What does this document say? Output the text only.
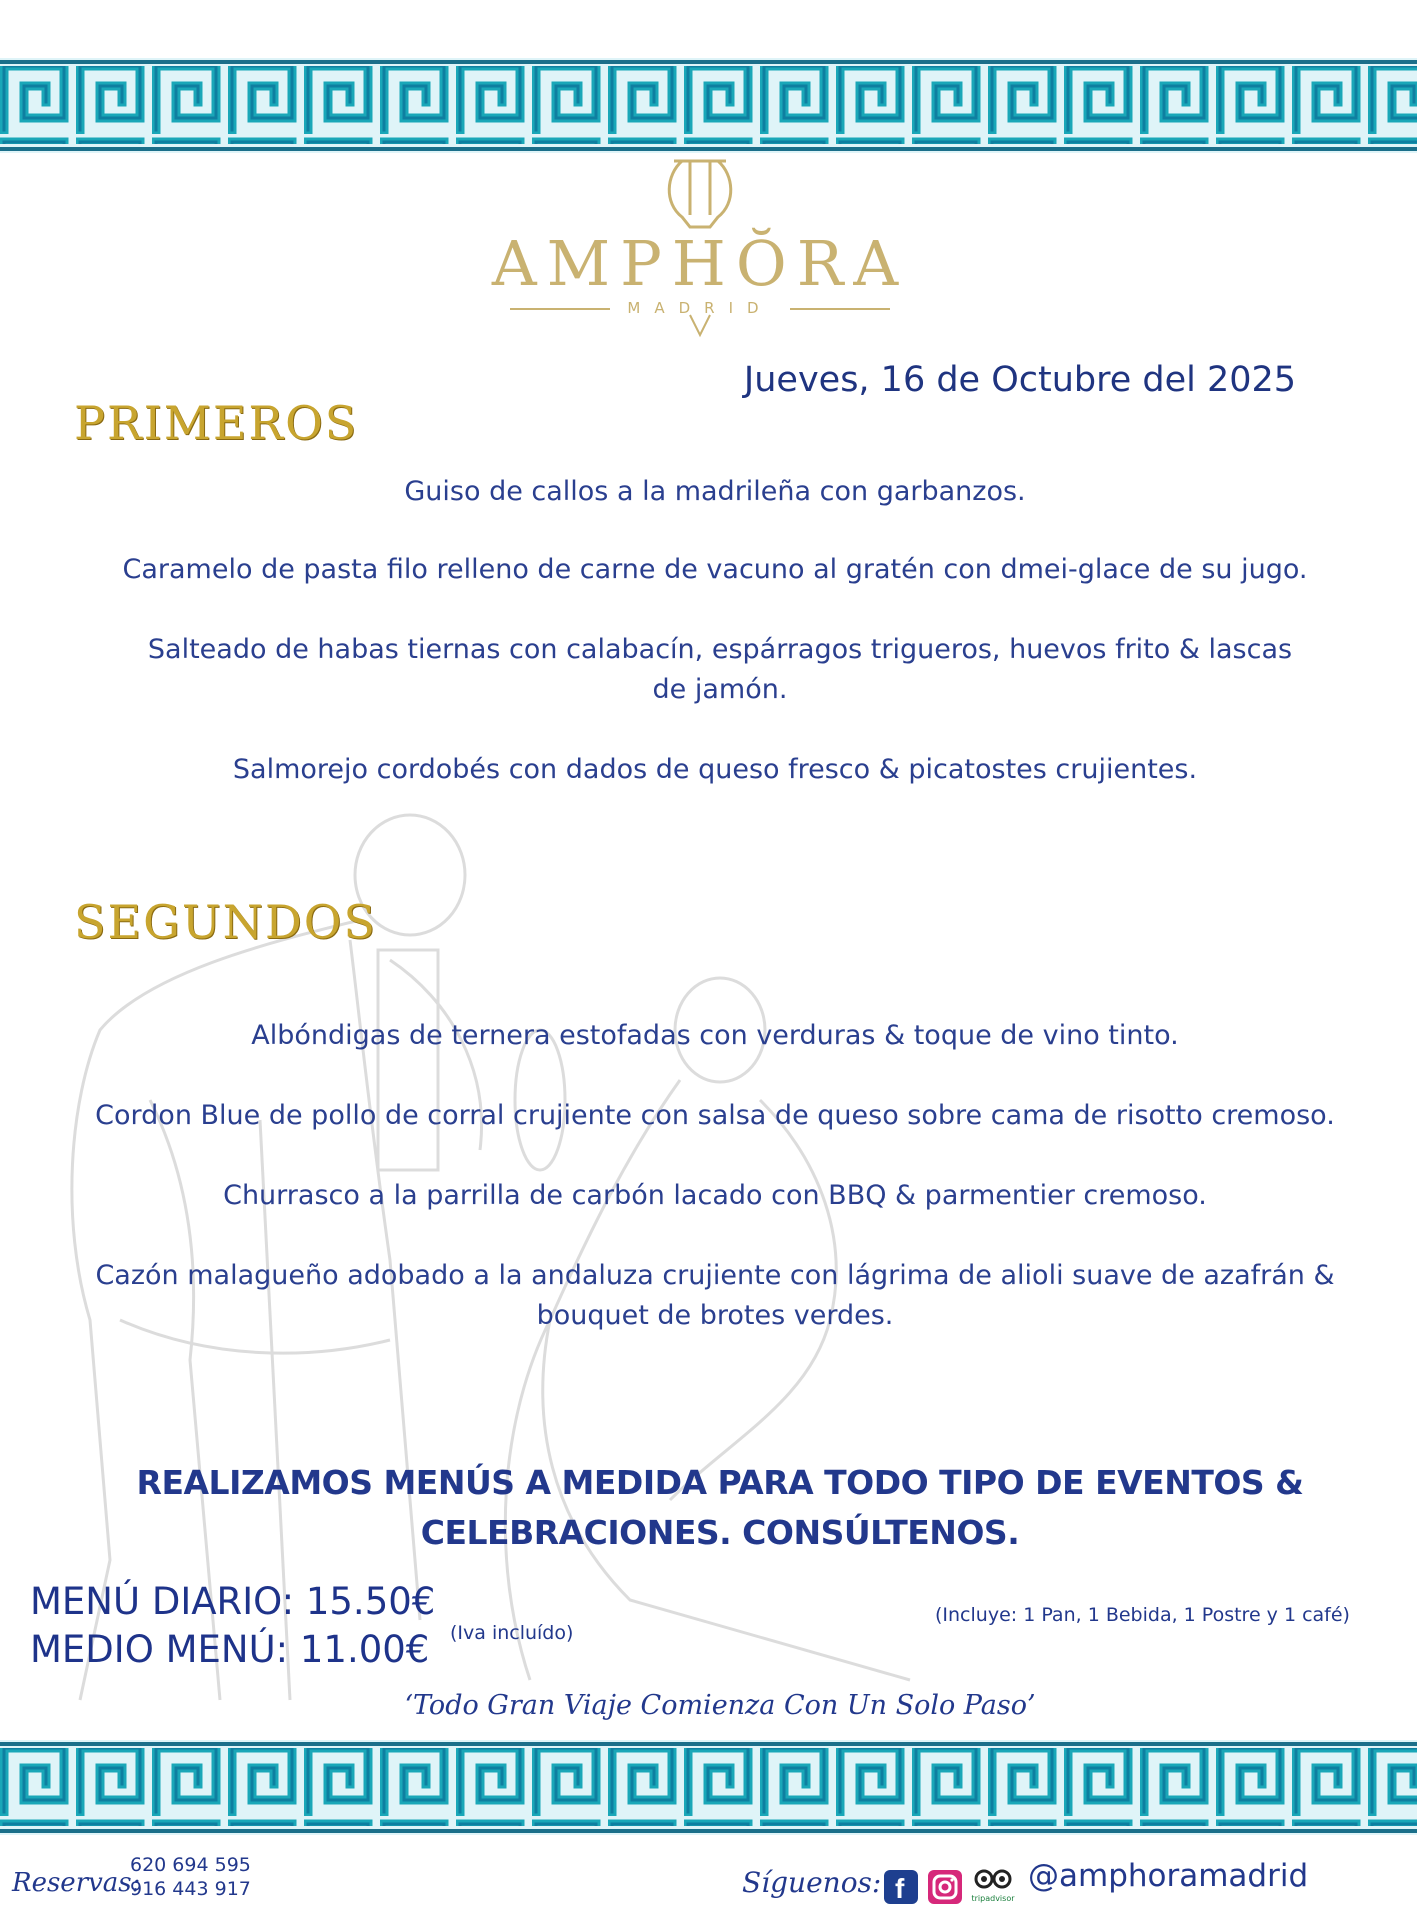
AMPHŎRA
MADRID
Jueves, 16 de Octubre del 2025
PRIMEROS
Guiso de callos a la madrileña con garbanzos.
Caramelo de pasta filo relleno de carne de vacuno al gratén con dmei-glace de su jugo.
Salteado de habas tiernas con calabacín, espárragos trigueros, huevos frito & lascas de jamón.
Salmorejo cordobés con dados de queso fresco & picatostes crujientes.
SEGUNDOS
Albóndigas de ternera estofadas con verduras & toque de vino tinto.
Cordon Blue de pollo de corral crujiente con salsa de queso sobre cama de risotto cremoso.
Churrasco a la parrilla de carbón lacado con BBQ & parmentier cremoso.
Cazón malagueño adobado a la andaluza crujiente con lágrima de alioli suave de azafrán & bouquet de brotes verdes.
REALIZAMOS MENÚS A MEDIDA PARA TODO TIPO DE EVENTOS &
CELEBRACIONES. CONSÚLTENOS.
MENÚ DIARIO: 15.50€
MEDIO MENÚ: 11.00€ (Iva incluído)
(Incluye: 1 Pan, 1 Bebida, 1 Postre y 1 café)
‘Todo Gran Viaje Comienza Con Un Solo Paso’
Reservas:
620 694 595
916 443 917	Síguenos: f	tripadvisor
@amphoramadrid
